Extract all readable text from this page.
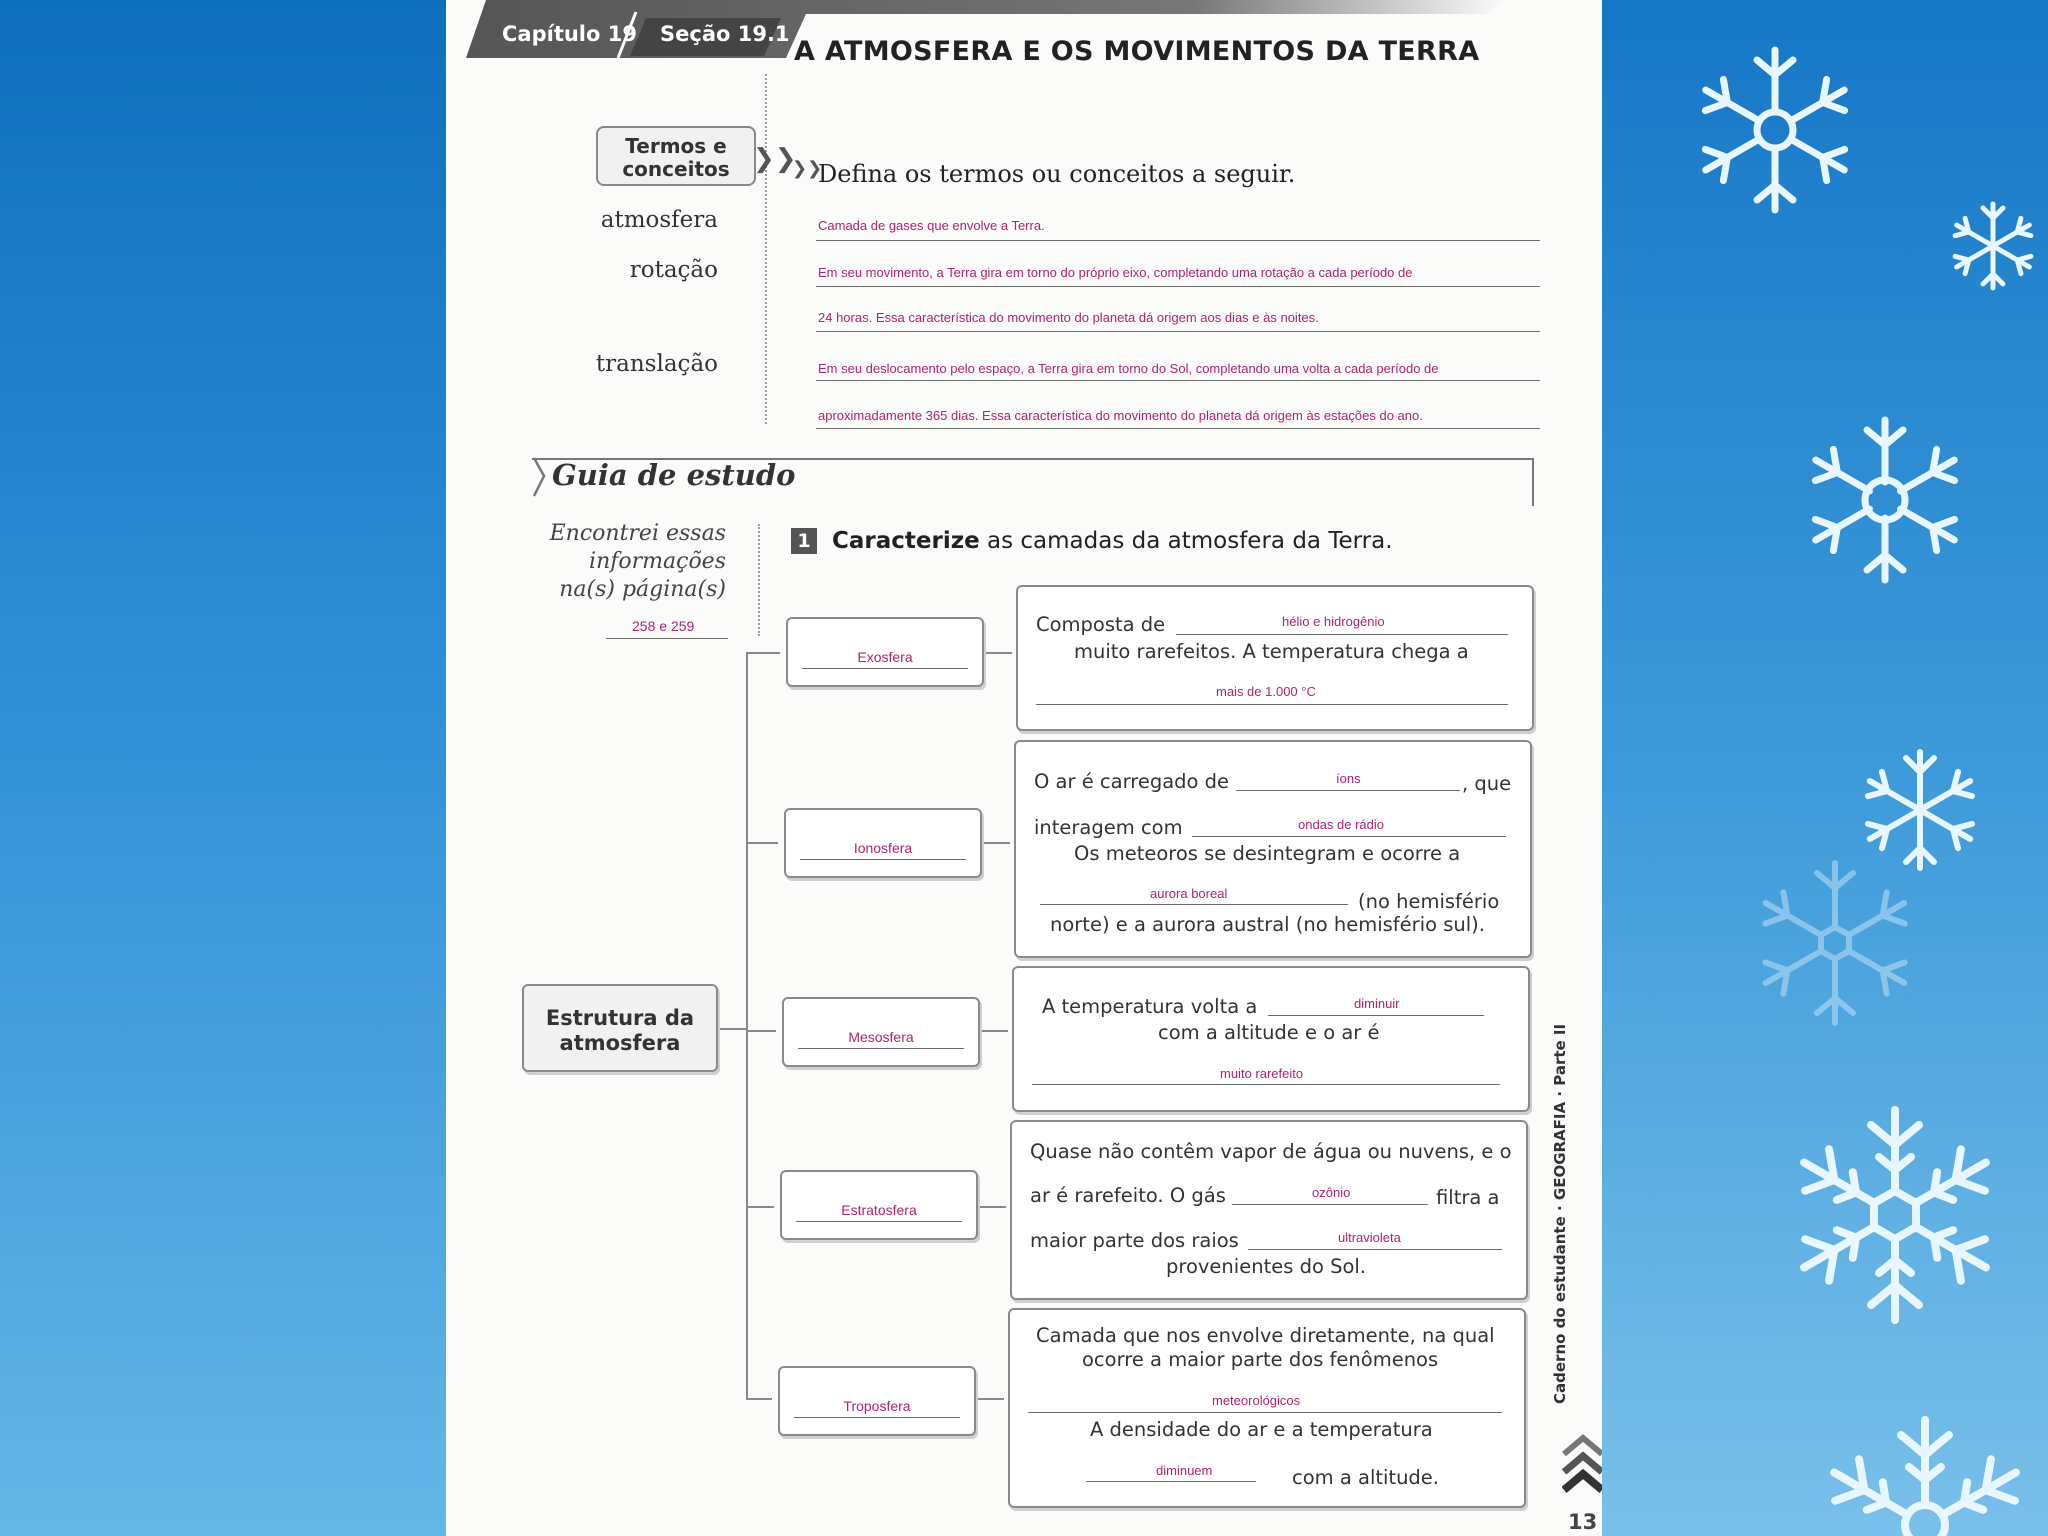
Capítulo 19 Seção 19.1
A ATMOSFERA E OS MOVIMENTOS DA TERRA
Termos e
conceitos ❯❯
❯❯
Defina os termos ou conceitos a seguir.
atmosfera	Camada de gases que envolve a Terra.
rotação	Em seu movimento, a Terra gira em torno do próprio eixo, completando uma rotação a cada período de
24 horas. Essa característica do movimento do planeta dá origem aos dias e às noites.
translação	Em seu deslocamento pelo espaço, a Terra gira em torno do Sol, completando uma volta a cada período de
aproximadamente 365 dias. Essa característica do movimento do planeta dá origem às estações do ano.
Guia de estudo
Encontrei essas
informações
na(s) página(s)
258 e 259
1 Caracterize as camadas da atmosfera da Terra.
Estrutura da
atmosfera
Exosfera
Ionosfera
Mesosfera
Estratosfera
Troposfera
Composta de	hélio e hidrogênio
muito rarefeitos. A temperatura chega a
mais de 1.000 °C
O ar é carregado de	íons	, que
interagem com	ondas de rádio
Os meteoros se desintegram e ocorre a
aurora boreal	(no hemisfério
norte) e a aurora austral (no hemisfério sul).
A temperatura volta a	diminuir
com a altitude e o ar é
muito rarefeito
Quase não contêm vapor de água ou nuvens, e o
ar é rarefeito. O gás	ozônio	filtra a
maior parte dos raios	ultravioleta
provenientes do Sol.
Camada que nos envolve diretamente, na qual
ocorre a maior parte dos fenômenos
meteorológicos
A densidade do ar e a temperatura
diminuem	com a altitude.
Caderno do estudante · GEOGRAFIA · Parte II
13
